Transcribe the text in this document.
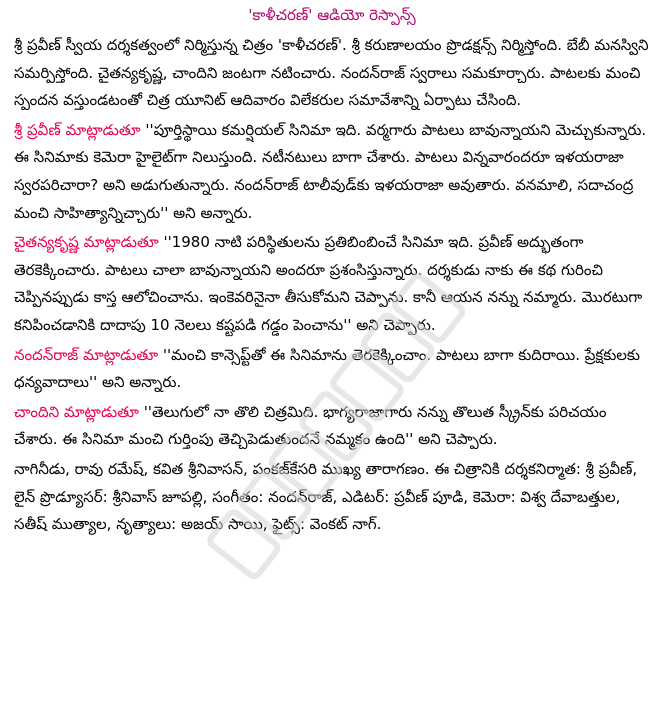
'కాళీచరణ్' ఆడియో రెస్పాన్స్

శ్రీ ప్రవీణ్ స్వీయ దర్శకత్వంలో నిర్మిస్తున్న చిత్రం 'కాళీచరణ్'. శ్రీ కరుణాలయం ప్రొడక్షన్స్ నిర్మిస్తోంది. బేబీ మనస్విని సమర్పిస్తోంది. చైతన్యకృష్ణ, చాందిని జంటగా నటించారు. నందన్‌రాజ్ స్వరాలు సమకూర్చారు. పాటలకు మంచి స్పందన వస్తుండటంతో చిత్ర యూనిట్ ఆదివారం విలేకరుల సమావేశాన్ని ఏర్పాటు చేసింది.

శ్రీ ప్రవీణ్ మాట్లాడుతూ ''పూర్తిస్థాయి కమర్షియల్ సినిమా ఇది. వర్మగారు పాటలు బావున్నాయని మెచ్చుకున్నారు. ఈ సినిమాకు కెమెరా హైలైట్‌గా నిలుస్తుంది. నటీనటులు బాగా చేశారు. పాటలు విన్నవారందరూ ఇళయరాజా స్వరపరిచారా? అని అడుగుతున్నారు. నందన్‌రాజ్ టాలీవుడ్‌కు ఇళయరాజా అవుతారు. వనమాలి, సదాచంద్ర మంచి సాహిత్యాన్నిచ్చారు'' అని అన్నారు.

చైతన్యకృష్ణ మాట్లాడుతూ ''1980 నాటి పరిస్థితులను ప్రతిబింబించే సినిమా ఇది. ప్రవీణ్ అద్భుతంగా తెరకెక్కించారు. పాటలు చాలా బావున్నాయని అందరూ ప్రశంసిస్తున్నారు. దర్శకుడు నాకు ఈ కథ గురించి చెప్పినప్పుడు కాస్త ఆలోచించాను. ఇంకెవరినైనా తీసుకోమని చెప్పాను. కానీ ఆయన నన్ను నమ్మారు. మొరటుగా కనిపించడానికి దాదాపు 10 నెలలు కష్టపడి గడ్డం పెంచాను'' అని చెప్పారు.

నందన్‌రాజ్ మాట్లాడుతూ ''మంచి కాన్సెప్ట్‌తో ఈ సినిమాను తెరకెక్కించాం. పాటలు బాగా కుదిరాయి. ప్రేక్షకులకు ధన్యవాదాలు'' అని అన్నారు.

చాందిని మాట్లాడుతూ ''తెలుగులో నా తొలి చిత్రమిది. భాగ్యరాజాగారు నన్ను తొలుత స్క్రీన్‌కు పరిచయం చేశారు. ఈ సినిమా మంచి గుర్తింపు తెచ్చిపెడుతుందనే నమ్మకం ఉంది'' అని చెప్పారు.

నాగినీడు, రావు రమేష్, కవిత శ్రీనివాసన్, పంకజ్‌కేసరి ముఖ్య తారాగణం. ఈ చిత్రానికి దర్శకనిర్మాత: శ్రీ ప్రవీణ్, లైన్ ప్రొడ్యూసర్: శ్రీనివాస్ జూపల్లి, సంగీతం: నందన్‌రాజ్, ఎడిటర్: ప్రవీణ్ పూడి, కెమెరా: విశ్వ దేవాబత్తుల, సతీష్ ముత్యాల, నృత్యాలు: అజయ్ సాయి, ఫైట్స్: వెంకట్ నాగ్.
